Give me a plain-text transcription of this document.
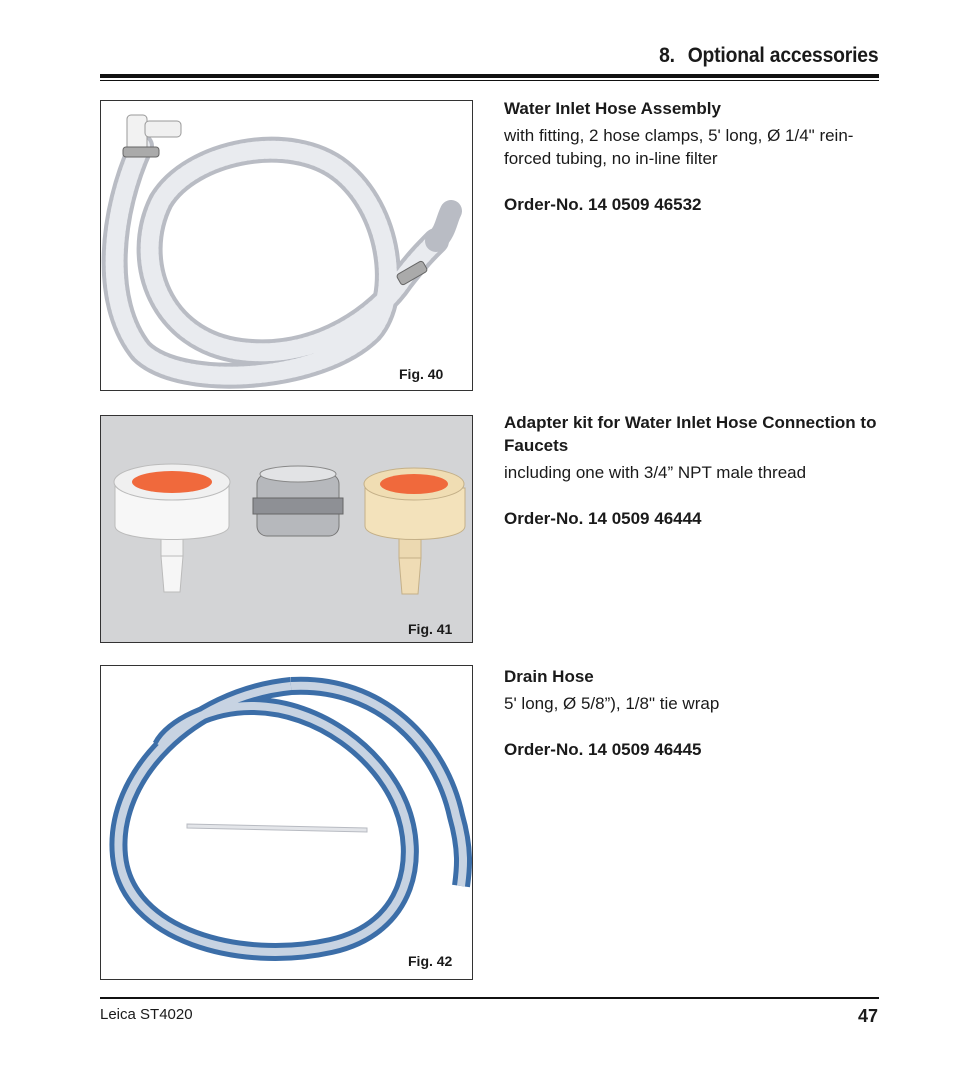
8. Optional accessories
Fig. 40

Water Inlet Hose Assembly

with fitting, 2 hose clamps, 5' long, Ø 1/4" rein-forced tubing, no in-line filter

Order-No. 14 0509 46532

Fig. 41

Adapter kit for Water Inlet Hose Connection to Faucets

including one with 3/4” NPT male thread

Order-No. 14 0509 46444

Fig. 42

Drain Hose

5' long, Ø 5/8”), 1/8" tie wrap

Order-No. 14 0509 46445

Leica ST4020	47
